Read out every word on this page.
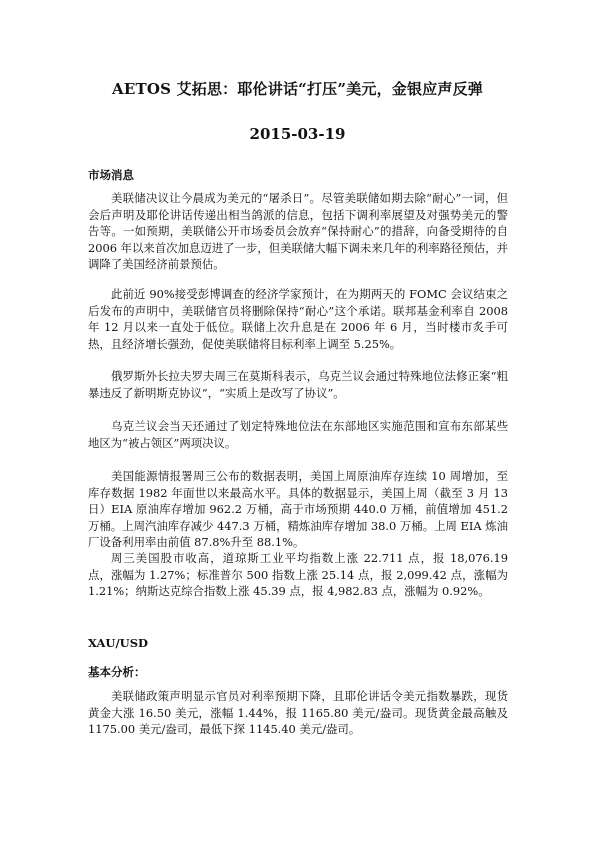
AETOS 艾拓思：耶伦讲话“打压”美元，金银应声反弹
2015-03-19
市场消息
美联储决议让今晨成为美元的“屠杀日”。尽管美联储如期去除“耐心”一词，但会后声明及耶伦讲话传递出相当鸽派的信息，包括下调利率展望及对强势美元的警告等。一如预期，美联储公开市场委员会放弃“保持耐心”的措辞，向备受期待的自 2006 年以来首次加息迈进了一步，但美联储大幅下调未来几年的利率路径预估，并调降了美国经济前景预估。
此前近 90%接受彭博调查的经济学家预计，在为期两天的 FOMC 会议结束之后发布的声明中，美联储官员将删除保持“耐心”这个承诺。联邦基金利率自 2008 年 12 月以来一直处于低位。联储上次升息是在 2006 年 6 月，当时楼市炙手可热，且经济增长强劲，促使美联储将目标利率上调至 5.25%。
俄罗斯外长拉夫罗夫周三在莫斯科表示，乌克兰议会通过特殊地位法修正案“粗暴违反了新明斯克协议”，“实质上是改写了协议”。
乌克兰议会当天还通过了划定特殊地位法在东部地区实施范围和宣布东部某些地区为“被占领区”两项决议。
美国能源情报署周三公布的数据表明，美国上周原油库存连续 10 周增加，至库存数据 1982 年面世以来最高水平。具体的数据显示，美国上周（截至 3 月 13 日）EIA 原油库存增加 962.2 万桶，高于市场预期 440.0 万桶，前值增加 451.2 万桶。上周汽油库存减少 447.3 万桶，精炼油库存增加 38.0 万桶。上周 EIA 炼油厂设备利用率由前值 87.8%升至 88.1%。
周三美国股市收高，道琼斯工业平均指数上涨 22.711 点，报 18,076.19 点，涨幅为 1.27%；标准普尔 500 指数上涨 25.14 点，报 2,099.42 点，涨幅为 1.21%；纳斯达克综合指数上涨 45.39 点，报 4,982.83 点，涨幅为 0.92%。
XAU/USD
基本分析：
美联储政策声明显示官员对利率预期下降，且耶伦讲话令美元指数暴跌，现货黄金大涨 16.50 美元，涨幅 1.44%，报 1165.80 美元/盎司。现货黄金最高触及 1175.00 美元/盎司，最低下探 1145.40 美元/盎司。
